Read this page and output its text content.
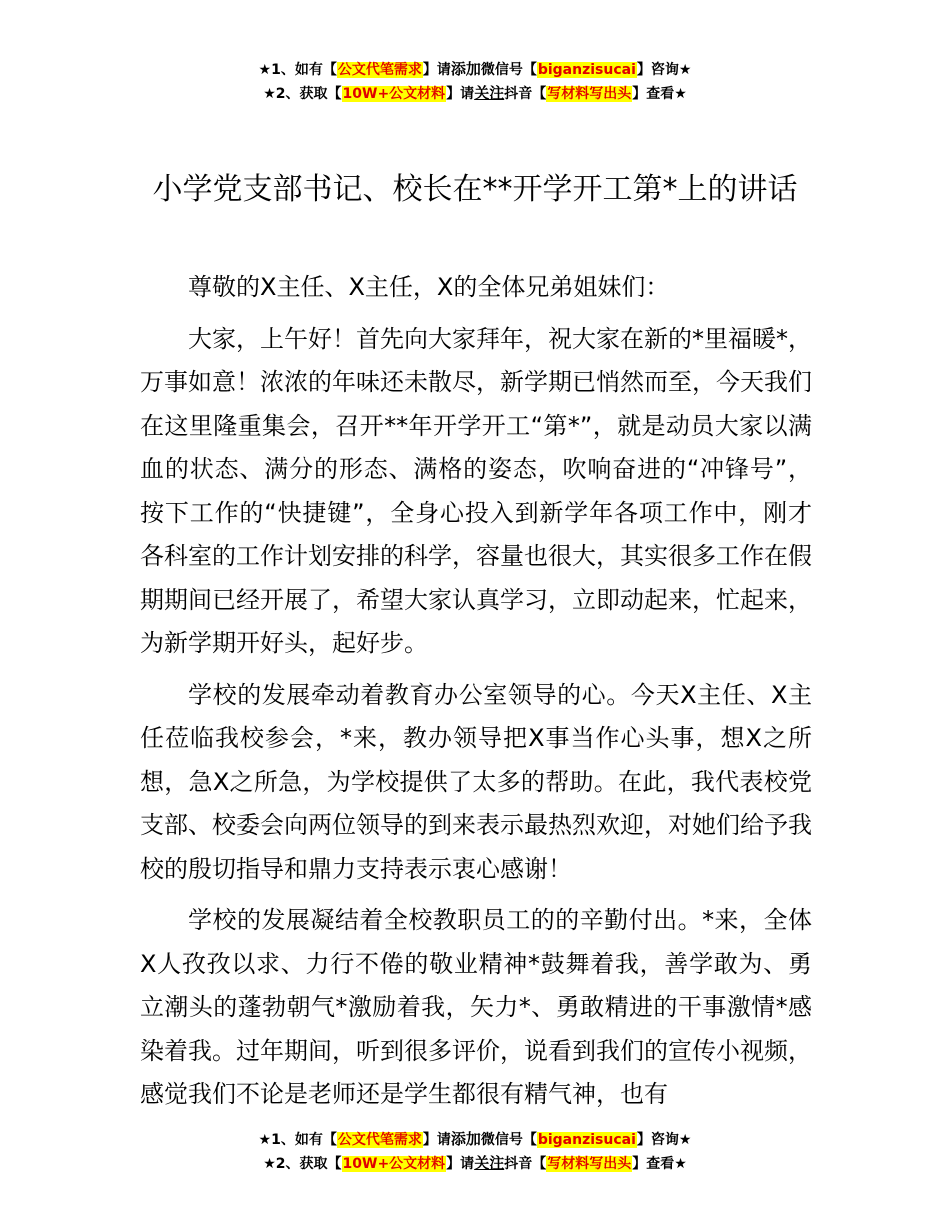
★1、如有【公文代笔需求】请添加微信号【biganzisucai】咨询★
★2、获取【10W+公文材料】请关注抖音【写材料写出头】查看★
小学党支部书记、校长在**开学开工第*上的讲话

尊敬的X主任、X主任，X的全体兄弟姐妹们：

大家，上午好！首先向大家拜年，祝大家在新的*里福暖*，万事如意！浓浓的年味还未散尽，新学期已悄然而至，今天我们在这里隆重集会，召开**年开学开工“第*”，就是动员大家以满血的状态、满分的形态、满格的姿态，吹响奋进的“冲锋号”，按下工作的“快捷键”，全身心投入到新学年各项工作中，刚才各科室的工作计划安排的科学，容量也很大，其实很多工作在假期期间已经开展了，希望大家认真学习，立即动起来，忙起来，为新学期开好头，起好步。

学校的发展牵动着教育办公室领导的心。今天X主任、X主任莅临我校参会，*来，教办领导把X事当作心头事，想X之所想，急X之所急，为学校提供了太多的帮助。在此，我代表校党支部、校委会向两位领导的到来表示最热烈欢迎，对她们给予我校的殷切指导和鼎力支持表示衷心感谢！

学校的发展凝结着全校教职员工的的辛勤付出。*来，全体X人孜孜以求、力行不倦的敬业精神*鼓舞着我，善学敢为、勇立潮头的蓬勃朝气*激励着我，矢力*、勇敢精进的干事激情*感染着我。过年期间，听到很多评价，说看到我们的宣传小视频，感觉我们不论是老师还是学生都很有精气神，也有

★1、如有【公文代笔需求】请添加微信号【biganzisucai】咨询★
★2、获取【10W+公文材料】请关注抖音【写材料写出头】查看★
